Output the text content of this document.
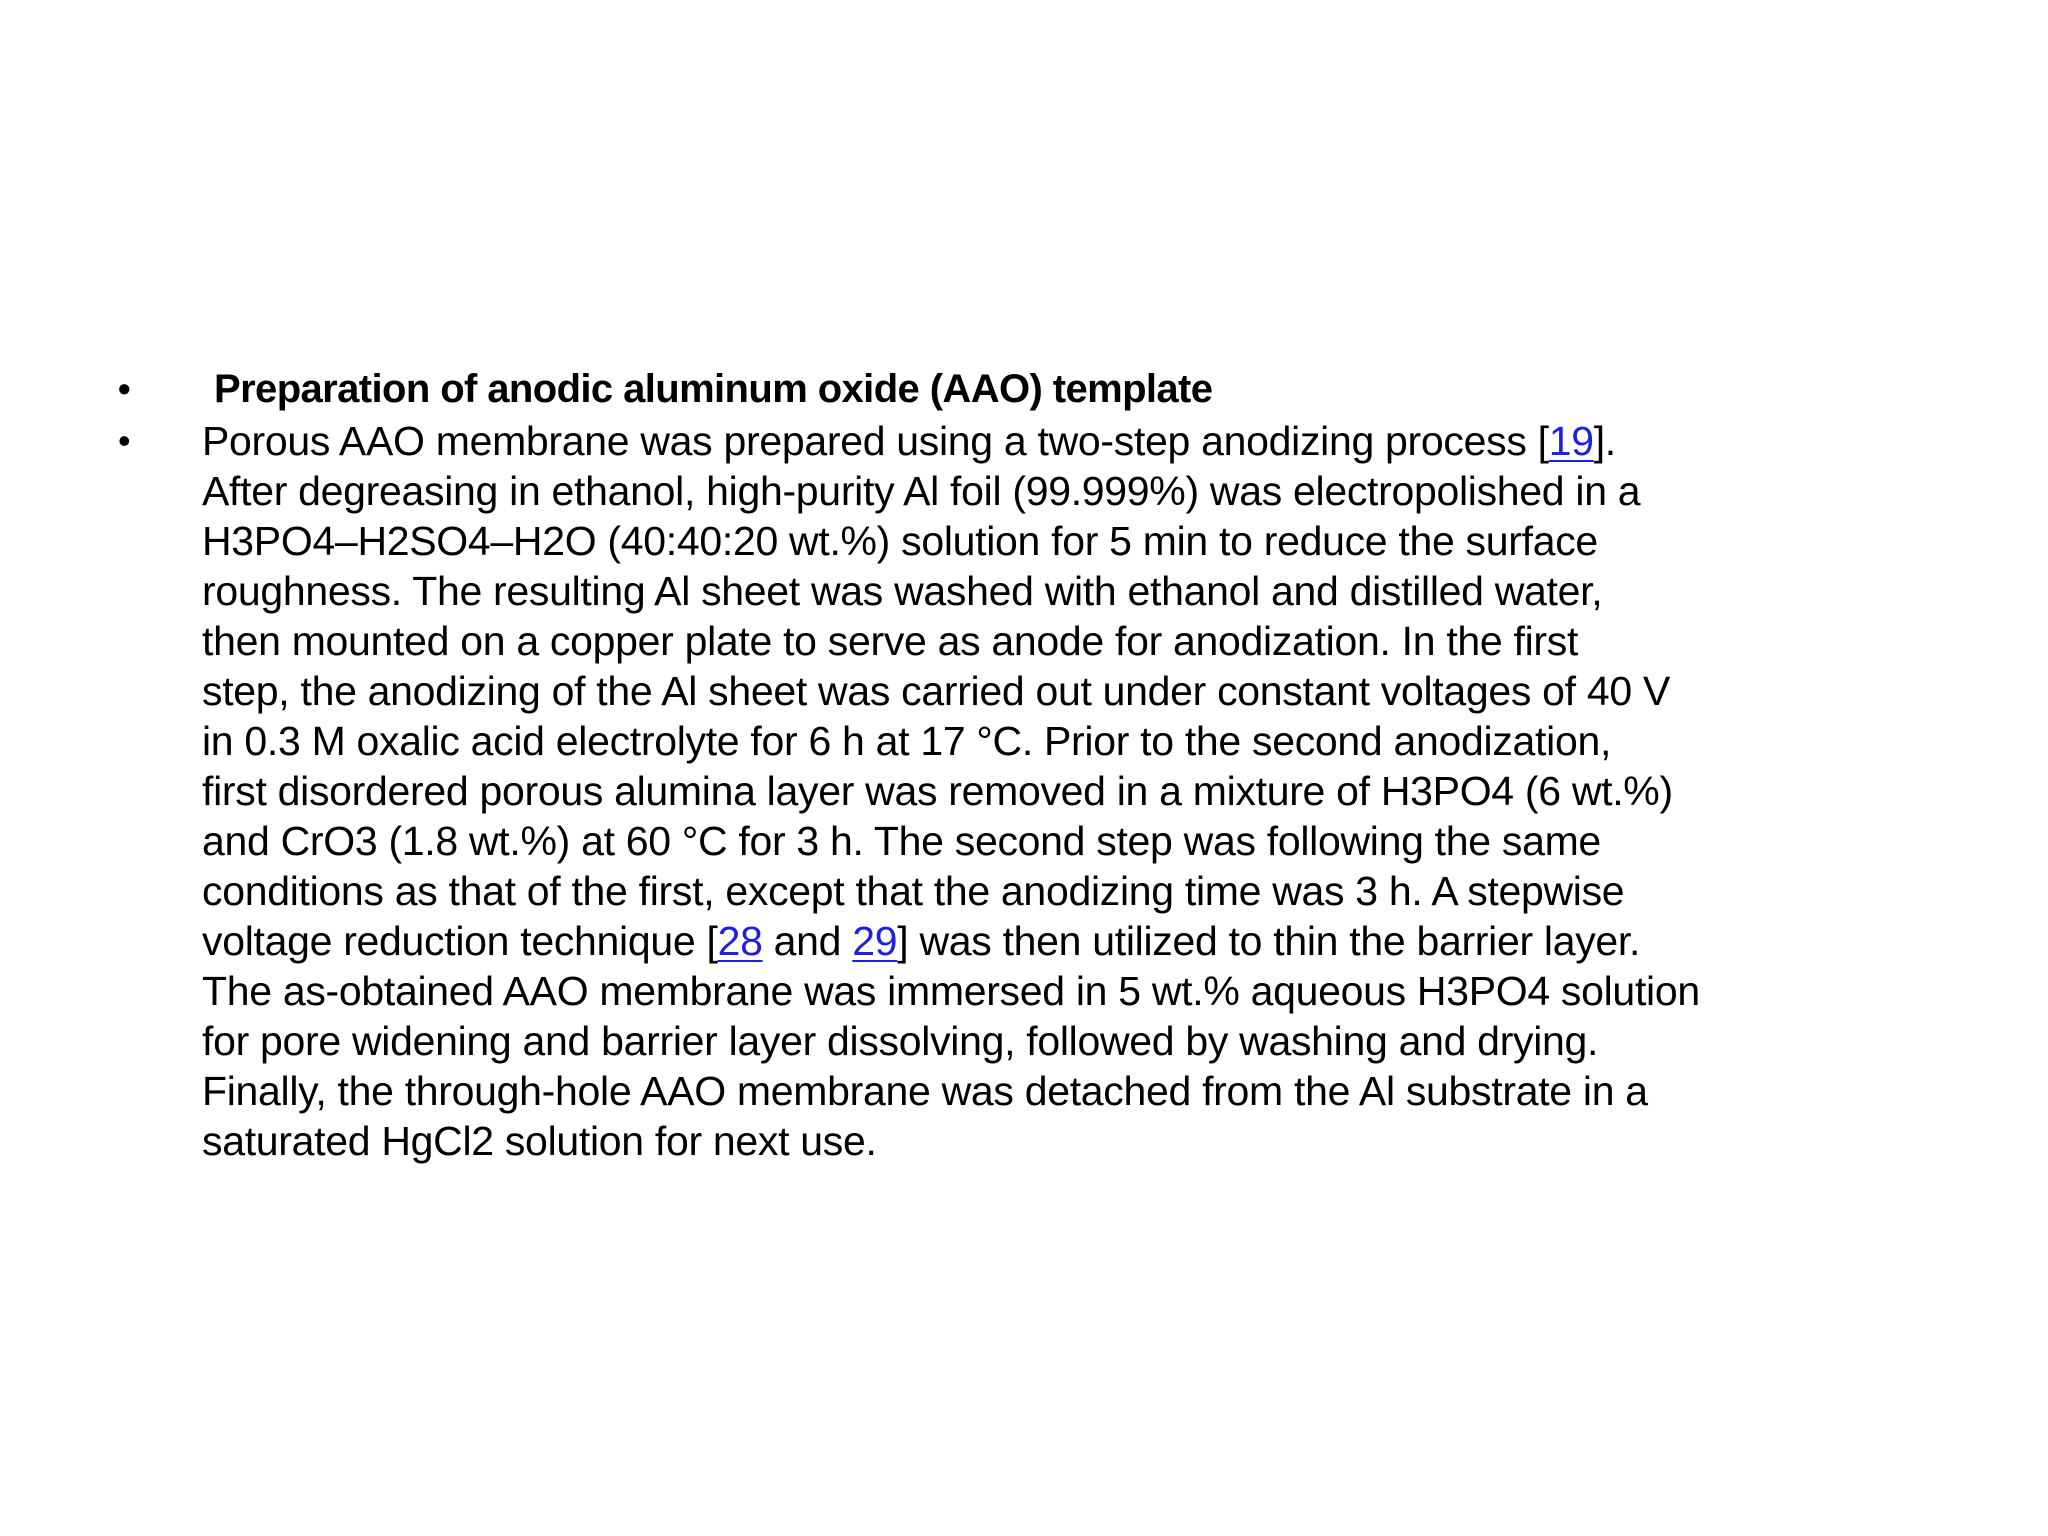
•	Preparation of anodic aluminum oxide (AAO) template
•	Porous AAO membrane was prepared using a two-step anodizing process [19].
After degreasing in ethanol, high-purity Al foil (99.999%) was electropolished in a
H3PO4–H2SO4–H2O (40:40:20 wt.%) solution for 5 min to reduce the surface
roughness. The resulting Al sheet was washed with ethanol and distilled water,
then mounted on a copper plate to serve as anode for anodization. In the first
step, the anodizing of the Al sheet was carried out under constant voltages of 40 V
in 0.3 M oxalic acid electrolyte for 6 h at 17 °C. Prior to the second anodization,
first disordered porous alumina layer was removed in a mixture of H3PO4 (6 wt.%)
and CrO3 (1.8 wt.%) at 60 °C for 3 h. The second step was following the same
conditions as that of the first, except that the anodizing time was 3 h. A stepwise
voltage reduction technique [28 and 29] was then utilized to thin the barrier layer.
The as-obtained AAO membrane was immersed in 5 wt.% aqueous H3PO4 solution
for pore widening and barrier layer dissolving, followed by washing and drying.
Finally, the through-hole AAO membrane was detached from the Al substrate in a
saturated HgCl2 solution for next use.
